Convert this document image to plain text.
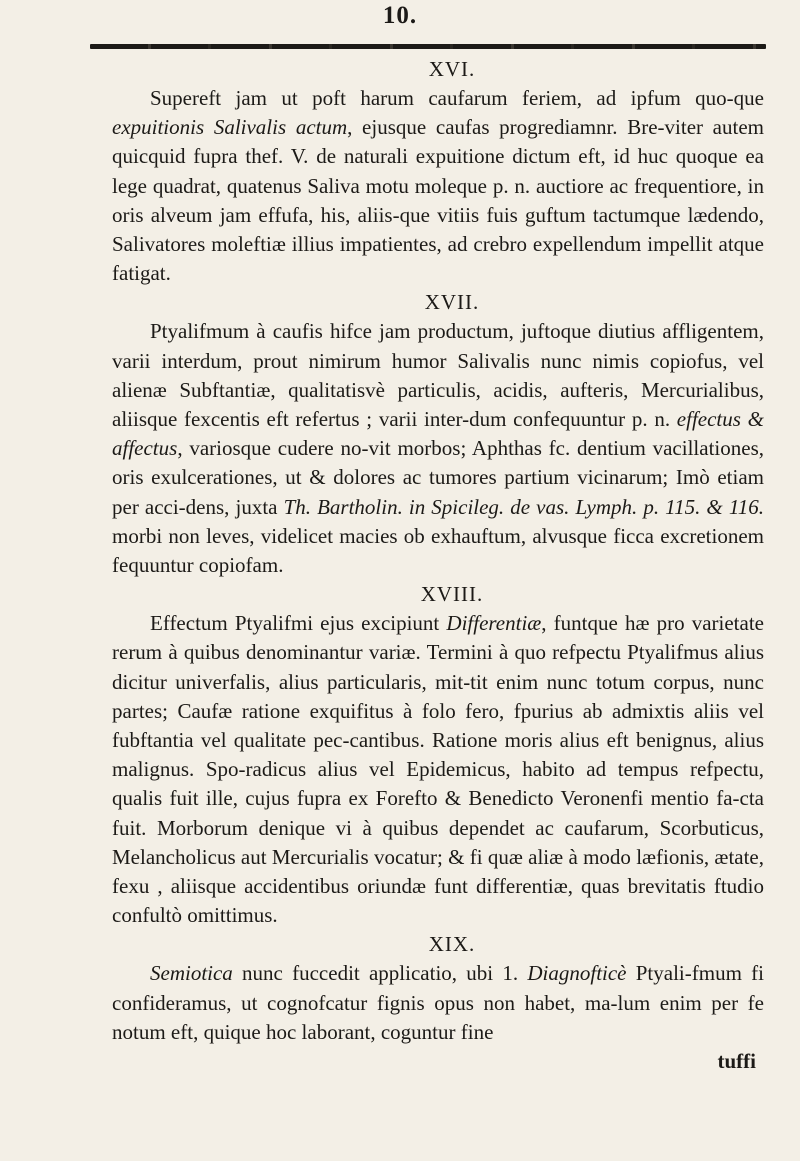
10.
XVI.

Supereft jam ut poft harum caufarum feriem, ad ipfum quo-que expuitionis Salivalis actum, ejusque caufas progrediamnr. Bre-viter autem quicquid fupra thef. V. de naturali expuitione dictum eft, id huc quoque ea lege quadrat, quatenus Saliva motu moleque p. n. auctiore ac frequentiore, in oris alveum jam effufa, his, aliis-que vitiis fuis guftum tactumque lædendo, Salivatores moleftiæ illius impatientes, ad crebro expellendum impellit atque fatigat.

XVII.

Ptyalifmum à caufis hifce jam productum, juftoque diutius affligentem, varii interdum, prout nimirum humor Salivalis nunc nimis copiofus, vel alienæ Subftantiæ, qualitatisvè particulis, acidis, aufteris, Mercurialibus, aliisque fexcentis eft refertus ; varii inter-dum confequuntur p. n. effectus & affectus, variosque cudere no-vit morbos; Aphthas fc. dentium vacillationes, oris exulcerationes, ut & dolores ac tumores partium vicinarum; Imò etiam per acci-dens, juxta Th. Bartholin. in Spicileg. de vas. Lymph. p. 115. & 116. morbi non leves, videlicet macies ob exhauftum, alvusque ficca excretionem fequuntur copiofam.

XVIII.

Effectum Ptyalifmi ejus excipiunt Differentiæ, funtque hæ pro varietate rerum à quibus denominantur variæ. Termini à quo refpectu Ptyalifmus alius dicitur univerfalis, alius particularis, mit-tit enim nunc totum corpus, nunc partes; Caufæ ratione exquifitus à folo fero, fpurius ab admixtis aliis vel fubftantia vel qualitate pec-cantibus. Ratione moris alius eft benignus, alius malignus. Spo-radicus alius vel Epidemicus, habito ad tempus refpectu, qualis fuit ille, cujus fupra ex Forefto & Benedicto Veronenfi mentio fa-cta fuit. Morborum denique vi à quibus dependet ac caufarum, Scorbuticus, Melancholicus aut Mercurialis vocatur; & fi quæ aliæ à modo læfionis, ætate, fexu , aliisque accidentibus oriundæ funt differentiæ, quas brevitatis ftudio confultò omittimus.

XIX.

Semiotica nunc fuccedit applicatio, ubi 1. Diagnofticè Ptyali-fmum fi confideramus, ut cognofcatur fignis opus non habet, ma-lum enim per fe notum eft, quique hoc laborant, coguntur fine

tuffi
